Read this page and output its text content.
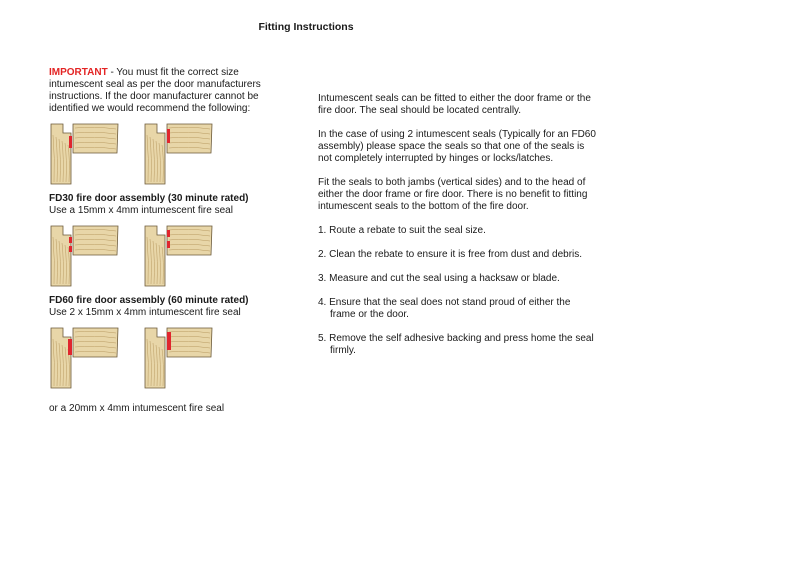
Fitting Instructions

IMPORTANT - You must fit the correct size intumescent seal as per the door manufacturers instructions. If the door manufacturer cannot be identified we would recommend the following:

FD30 fire door assembly (30 minute rated)

Use a 15mm x 4mm intumescent fire seal

FD60 fire door assembly (60 minute rated)

Use 2 x 15mm x 4mm intumescent fire seal

or a 20mm x 4mm intumescent fire seal

Intumescent seals can be fitted to either the door frame or the fire door. The seal should be located centrally.

In the case of using 2 intumescent seals (Typically for an FD60 assembly) please space the seals so that one of the seals is not completely interrupted by hinges or locks/latches.

Fit the seals to both jambs (vertical sides) and to the head of either the door frame or fire door. There is no benefit to fitting intumescent seals to the bottom of the fire door.

1. Route a rebate to suit the seal size.

2. Clean the rebate to ensure it is free from dust and debris.

3. Measure and cut the seal using a hacksaw or blade.

4. Ensure that the seal does not stand proud of either the frame or the door.

5. Remove the self adhesive backing and press home the seal firmly.
